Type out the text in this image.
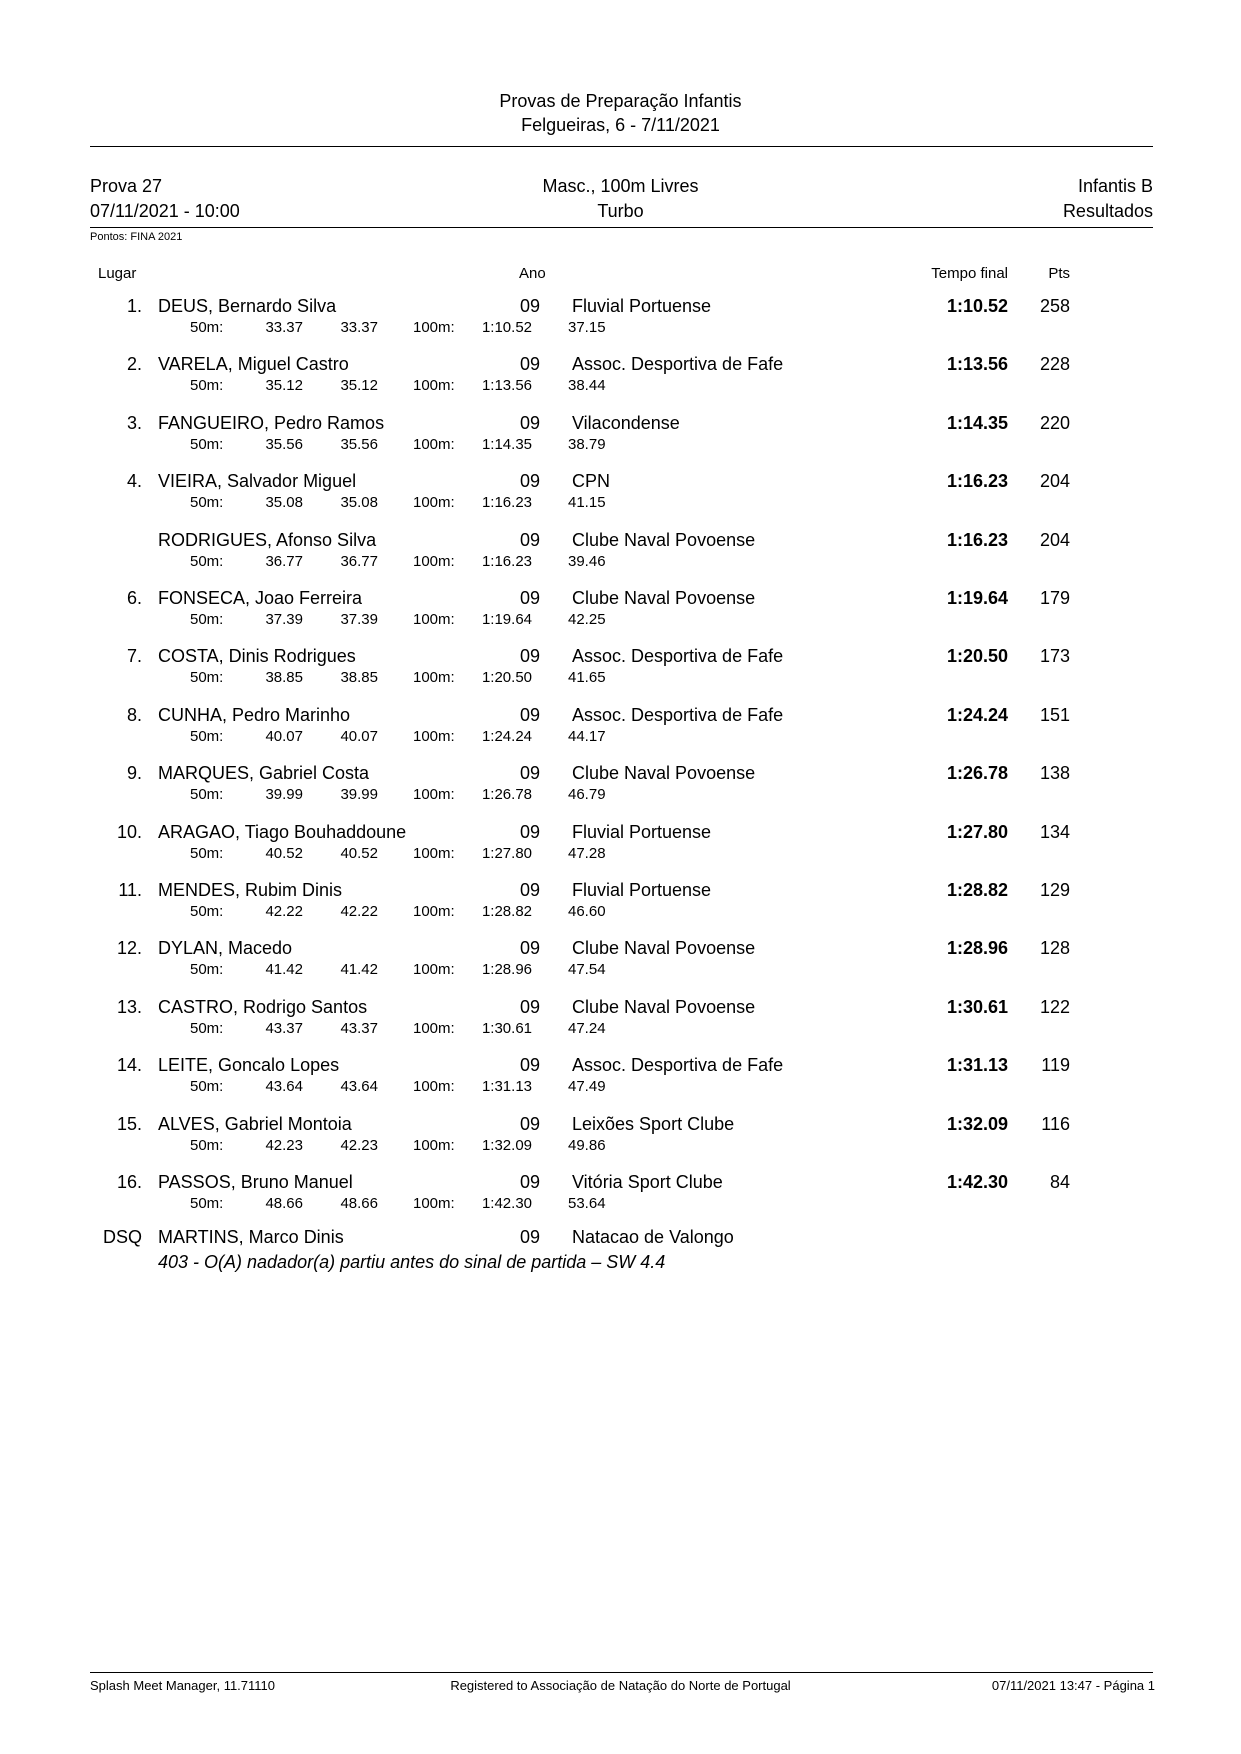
Provas de Preparação Infantis
Felgueiras, 6 - 7/11/2021
Prova 27
07/11/2021 - 10:00
Masc., 100m Livres
Turbo
Infantis B
Resultados
Pontos: FINA 2021
Lugar	Ano	Tempo final	Pts
1. DEUS, Bernardo Silva	09 Fluvial Portuense	1:10.52	258
50m:	33.37	33.37 100m:	1:10.52 37.15
2. VARELA, Miguel Castro	09 Assoc. Desportiva de Fafe	1:13.56	228
50m:	35.12	35.12 100m:	1:13.56 38.44
3. FANGUEIRO, Pedro Ramos	09 Vilacondense	1:14.35	220
50m:	35.56	35.56 100m:	1:14.35 38.79
4. VIEIRA, Salvador Miguel	09 CPN	1:16.23	204
50m:	35.08	35.08 100m:	1:16.23 41.15
RODRIGUES, Afonso Silva	09 Clube Naval Povoense	1:16.23	204
50m:	36.77	36.77 100m:	1:16.23 39.46
6. FONSECA, Joao Ferreira	09 Clube Naval Povoense	1:19.64	179
50m:	37.39	37.39 100m:	1:19.64 42.25
7. COSTA, Dinis Rodrigues	09 Assoc. Desportiva de Fafe	1:20.50	173
50m:	38.85	38.85 100m:	1:20.50 41.65
8. CUNHA, Pedro Marinho	09 Assoc. Desportiva de Fafe	1:24.24	151
50m:	40.07	40.07 100m:	1:24.24 44.17
9. MARQUES, Gabriel Costa	09 Clube Naval Povoense	1:26.78	138
50m:	39.99	39.99 100m:	1:26.78 46.79
10. ARAGAO, Tiago Bouhaddoune	09 Fluvial Portuense	1:27.80	134
50m:	40.52	40.52 100m:	1:27.80 47.28
11. MENDES, Rubim Dinis	09 Fluvial Portuense	1:28.82	129
50m:	42.22	42.22 100m:	1:28.82 46.60
12. DYLAN, Macedo	09 Clube Naval Povoense	1:28.96	128
50m:	41.42	41.42 100m:	1:28.96 47.54
13. CASTRO, Rodrigo Santos	09 Clube Naval Povoense	1:30.61	122
50m:	43.37	43.37 100m:	1:30.61 47.24
14. LEITE, Goncalo Lopes	09 Assoc. Desportiva de Fafe	1:31.13	119
50m:	43.64	43.64 100m:	1:31.13 47.49
15. ALVES, Gabriel Montoia	09 Leixões Sport Clube	1:32.09	116
50m:	42.23	42.23 100m:	1:32.09 49.86
16. PASSOS, Bruno Manuel	09 Vitória Sport Clube	1:42.30	84
50m:	48.66	48.66 100m:	1:42.30 53.64
DSQ MARTINS, Marco Dinis	09 Natacao de Valongo
403 - O(A) nadador(a) partiu antes do sinal de partida – SW 4.4
Splash Meet Manager, 11.71110	Registered to Associação de Natação do Norte de Portugal	07/11/2021 13:47 - Página 1
